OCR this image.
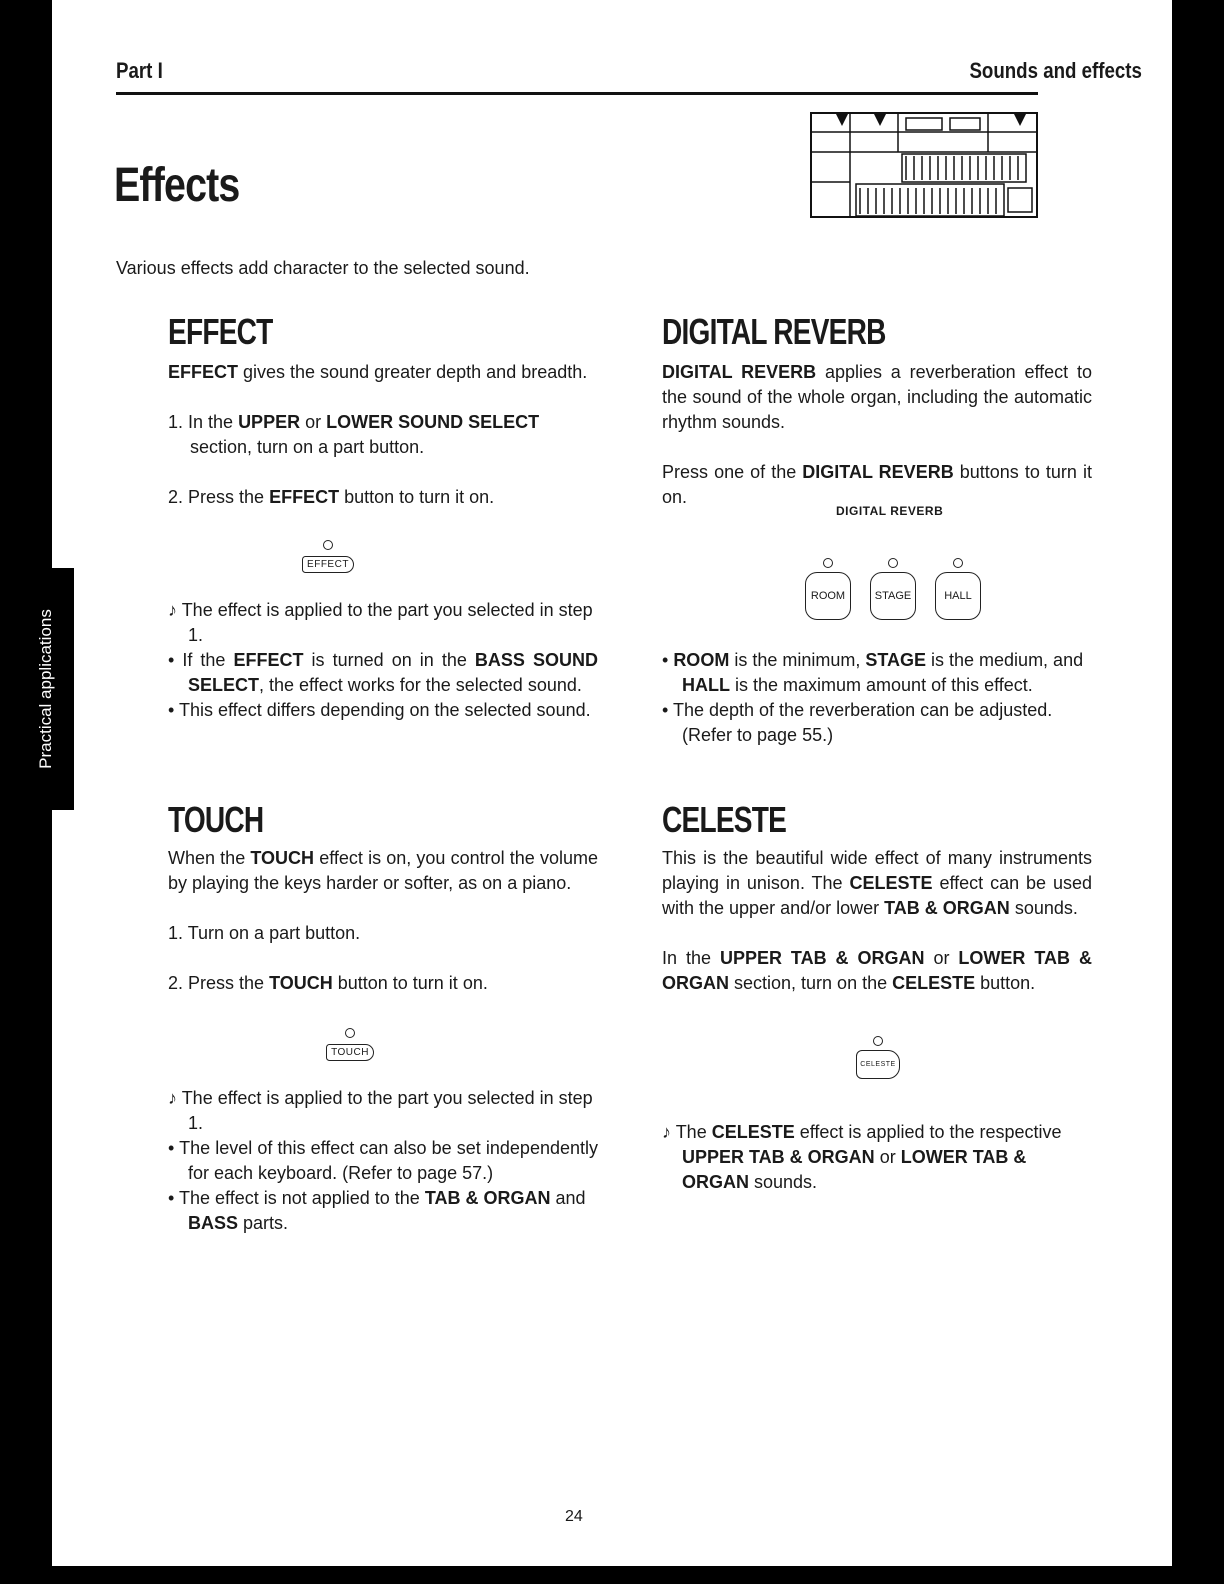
Practical applications
Part I	Sounds and effects
Effects
Various effects add character to the selected sound.
EFFECT

EFFECT gives the sound greater depth and breadth.

1. In the UPPER or LOWER SOUND SELECT section, turn on a part button.

2. Press the EFFECT button to turn it on.

EFFECT

♪ The effect is applied to the part you selected in step 1.

• If the EFFECT is turned on in the BASS SOUND SELECT, the effect works for the selected sound.

• This effect differs depending on the selected sound.

TOUCH

When the TOUCH effect is on, you control the volume by playing the keys harder or softer, as on a piano.

1. Turn on a part button.

2. Press the TOUCH button to turn it on.

TOUCH

♪ The effect is applied to the part you selected in step 1.

• The level of this effect can also be set independently for each keyboard. (Refer to page 57.)

• The effect is not applied to the TAB & ORGAN and BASS parts.

DIGITAL REVERB

DIGITAL REVERB applies a reverberation effect to the sound of the whole organ, including the automatic rhythm sounds.

Press one of the DIGITAL REVERB buttons to turn it on.

DIGITAL REVERB
ROOM	STAGE	HALL

• ROOM is the minimum, STAGE is the medium, and HALL is the maximum amount of this effect.

• The depth of the reverberation can be adjusted. (Refer to page 55.)

CELESTE

This is the beautiful wide effect of many instruments playing in unison. The CELESTE effect can be used with the upper and/or lower TAB & ORGAN sounds.

In the UPPER TAB & ORGAN or LOWER TAB & ORGAN section, turn on the CELESTE button.

CELESTE

♪ The CELESTE effect is applied to the respective UPPER TAB & ORGAN or LOWER TAB & ORGAN sounds.

24
